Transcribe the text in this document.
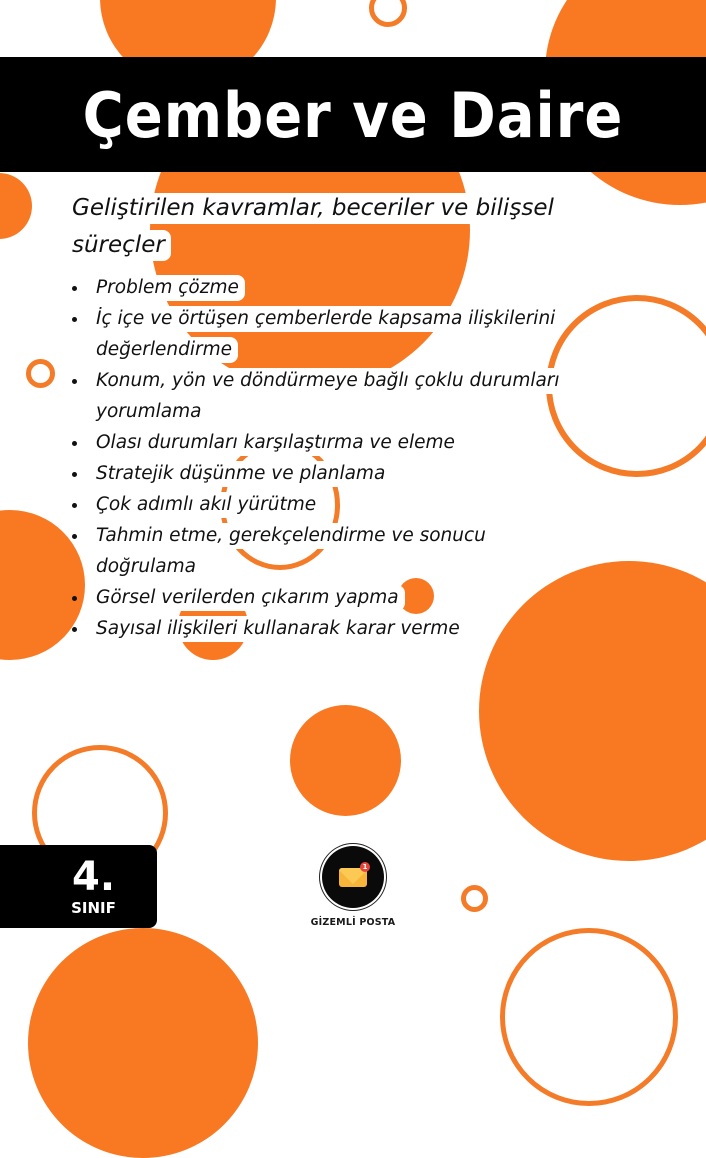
Çember ve Daire
Geliştirilen kavramlar, beceriler ve bilişsel süreçler
Problem çözme
İç içe ve örtüşen çemberlerde kapsama ilişkilerini değerlendirme
Konum, yön ve döndürmeye bağlı çoklu durumları yorumlama
Olası durumları karşılaştırma ve eleme
Stratejik düşünme ve planlama
Çok adımlı akıl yürütme
Tahmin etme, gerekçelendirme ve sonucu doğrulama
Görsel verilerden çıkarım yapma
Sayısal ilişkileri kullanarak karar verme
4.
SINIF
1
GİZEMLİ POSTA
